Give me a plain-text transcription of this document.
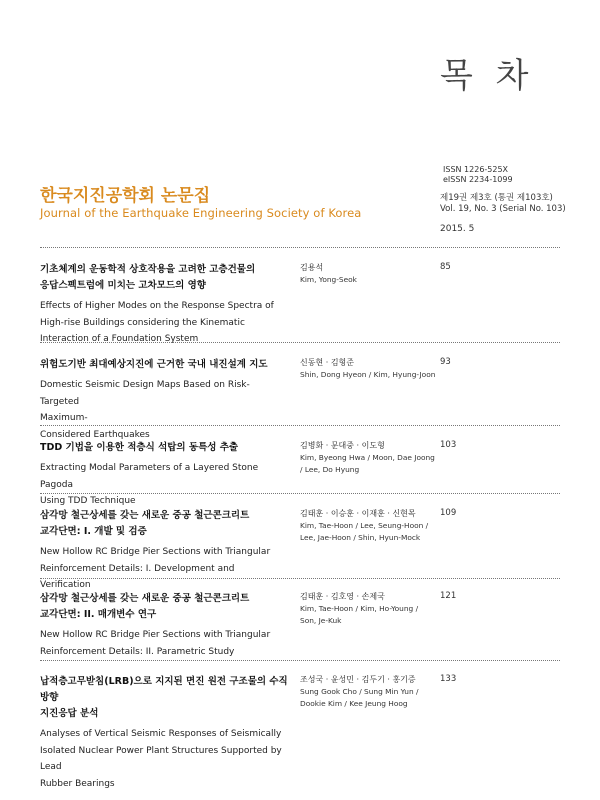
목 차
ISSN 1226-525X
eISSN 2234-1099
제19권 제3호 (통권 제103호)
Vol. 19, No. 3 (Serial No. 103)
2015. 5
한국지진공학회 논문집
Journal of the Earthquake Engineering Society of Korea
기초체계의 운동학적 상호작용을 고려한 고층건물의
응답스펙트럼에 미치는 고차모드의 영향
Effects of Higher Modes on the Response Spectra of
High-rise Buildings considering the Kinematic
Interaction of a Foundation System
김용석
Kim, Yong-Seok
85
위험도기반 최대예상지진에 근거한 국내 내진설계 지도
Domestic Seismic Design Maps Based on Risk-Targeted
Maximum-
Considered Earthquakes
신동현 · 김형준
Shin, Dong Hyeon / Kim, Hyung-Joon
93
TDD 기법을 이용한 적층식 석탑의 동특성 추출
Extracting Modal Parameters of a Layered Stone Pagoda
Using TDD Technique
김병화 · 문대중 · 이도형
Kim, Byeong Hwa / Moon, Dae Joong
/ Lee, Do Hyung
103
삼각망 철근상세를 갖는 새로운 중공 철근콘크리트
교각단면: I. 개발 및 검증
New Hollow RC Bridge Pier Sections with Triangular
Reinforcement Details: I. Development and Verification
김태훈 · 이승훈 · 이재훈 · 신현목
Kim, Tae-Hoon / Lee, Seung-Hoon /
Lee, Jae-Hoon / Shin, Hyun-Mock
109
삼각망 철근상세를 갖는 새로운 중공 철근콘크리트
교각단면: II. 매개변수 연구
New Hollow RC Bridge Pier Sections with Triangular
Reinforcement Details: II. Parametric Study
김태훈 · 김호영 · 손제국
Kim, Tae-Hoon / Kim, Ho-Young /
Son, Je-Kuk
121
납적층고무받침(LRB)으로 지지된 면진 원전 구조물의 수직방향
지진응답 분석
Analyses of Vertical Seismic Responses of Seismically
Isolated Nuclear Power Plant Structures Supported by Lead
Rubber Bearings
조성국 · 윤성민 · 김두기 · 홍기증
Sung Gook Cho / Sung Min Yun /
Dookie Kim / Kee Jeung Hoog
133
